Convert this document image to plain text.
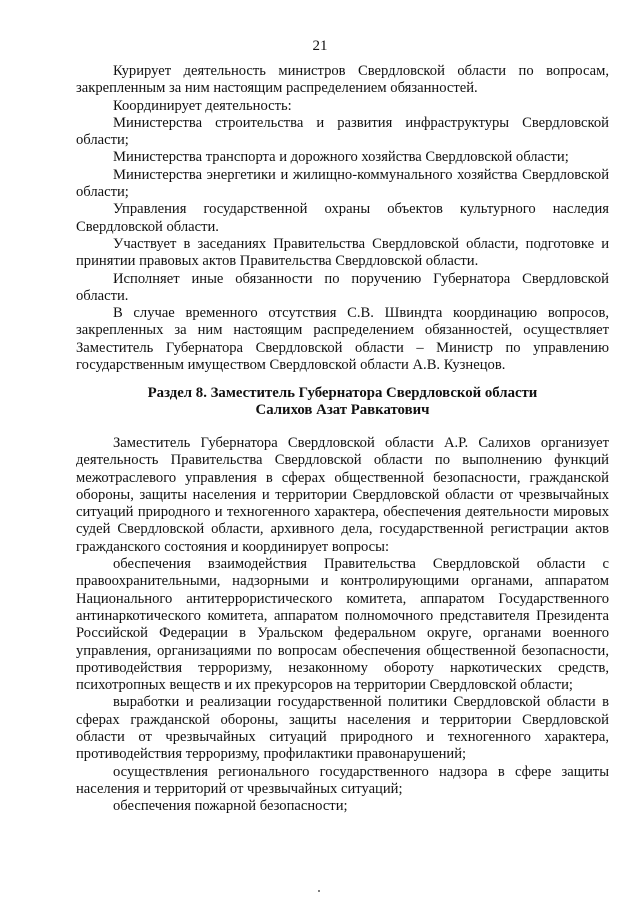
21

Курирует деятельность министров Свердловской области по вопросам, закрепленным за ним настоящим распределением обязанностей.

Координирует деятельность:

Министерства строительства и развития инфраструктуры Свердловской области;

Министерства транспорта и дорожного хозяйства Свердловской области;

Министерства энергетики и жилищно-коммунального хозяйства Свердловской области;

Управления государственной охраны объектов культурного наследия Свердловской области.

Участвует в заседаниях Правительства Свердловской области, подготовке и принятии правовых актов Правительства Свердловской области.

Исполняет иные обязанности по поручению Губернатора Свердловской области.

В случае временного отсутствия С.В. Швиндта координацию вопросов, закрепленных за ним настоящим распределением обязанностей, осуществляет Заместитель Губернатора Свердловской области – Министр по управлению государственным имуществом Свердловской области А.В. Кузнецов.

Раздел 8. Заместитель Губернатора Свердловской области
Салихов Азат Равкатович

Заместитель Губернатора Свердловской области А.Р. Салихов организует деятельность Правительства Свердловской области по выполнению функций межотраслевого управления в сферах общественной безопасности, гражданской обороны, защиты населения и территории Свердловской области от чрезвычайных ситуаций природного и техногенного характера, обеспечения деятельности мировых судей Свердловской области, архивного дела, государственной регистрации актов гражданского состояния и координирует вопросы:

обеспечения взаимодействия Правительства Свердловской области с правоохранительными, надзорными и контролирующими органами, аппаратом Национального антитеррористического комитета, аппаратом Государственного антинаркотического комитета, аппаратом полномочного представителя Президента Российской Федерации в Уральском федеральном округе, органами военного управления, организациями по вопросам обеспечения общественной безопасности, противодействия терроризму, незаконному обороту наркотических средств, психотропных веществ и их прекурсоров на территории Свердловской области;

выработки и реализации государственной политики Свердловской области в сферах гражданской обороны, защиты населения и территории Свердловской области от чрезвычайных ситуаций природного и техногенного характера, противодействия терроризму, профилактики правонарушений;

осуществления регионального государственного надзора в сфере защиты населения и территорий от чрезвычайных ситуаций;

обеспечения пожарной безопасности;
